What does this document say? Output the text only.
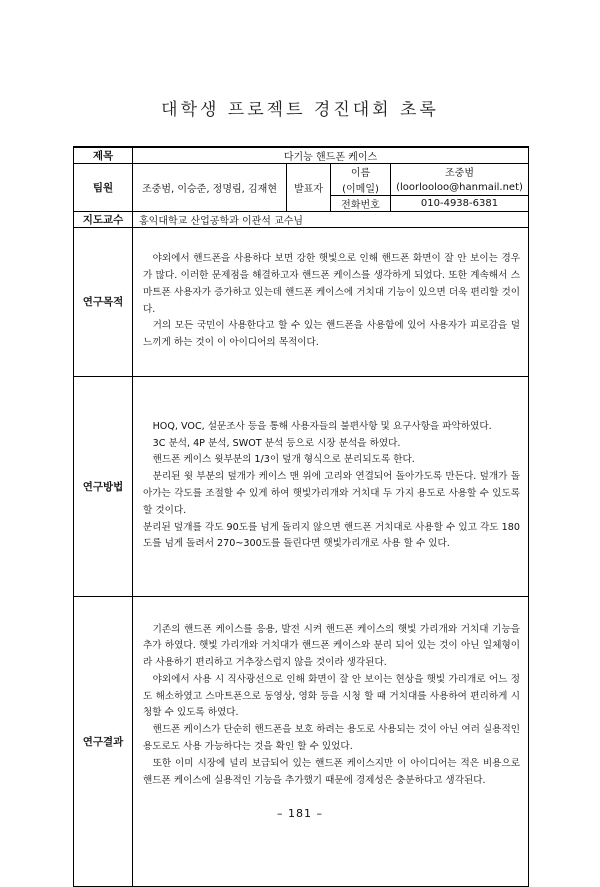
대학생 프로젝트 경진대회 초록
제목	다기능 핸드폰 케이스			
팀원	조중범, 이승준, 정명림, 김재현	발표자	이름	조중범
			(이메일)	(loorlooloo@hanmail.net)
			전화번호	010-4938-6381
지도교수	홍익대학교 산업공학과 이관석 교수님			
연구목적	야외에서 핸드폰을 사용하다 보면 강한 햇빛으로 인해 핸드폰 화면이 잘 안 보이는 경우가 많다. 이러한 문제점을 해결하고자 핸드폰 케이스를 생각하게 되었다. 또한 계속해서 스마트폰 사용자가 증가하고 있는데 핸드폰 케이스에 거치대 기능이 있으면 더욱 편리할 것이다.

거의 모든 국민이 사용한다고 할 수 있는 핸드폰을 사용함에 있어 사용자가 피로감을 덜 느끼게 하는 것이 이 아이디어의 목적이다.			

연구방법	HOQ, VOC, 설문조사 등을 통해 사용자들의 불편사항 및 요구사항을 파악하였다.

3C 분석, 4P 분석, SWOT 분석 등으로 시장 분석을 하였다.

핸드폰 케이스 윗부분의 1/3이 덮개 형식으로 분리되도록 한다.

분리된 윗 부분의 덮개가 케이스 맨 위에 고리와 연결되어 돌아가도록 만든다. 덮개가 돌아가는 각도를 조절할 수 있게 하여 햇빛가리개와 거치대 두 가지 용도로 사용할 수 있도록 할 것이다.

분리된 덮개를 각도 90도를 넘게 돌리지 않으면 핸드폰 거치대로 사용할 수 있고 각도 180도를 넘게 돌려서 270~300도를 돌린다면 햇빛가리개로 사용 할 수 있다.			

연구결과	기존의 핸드폰 케이스를 응용, 발전 시켜 핸드폰 케이스의 햇빛 가리개와 거치대 기능을 추가 하였다. 햇빛 가리개와 거치대가 핸드폰 케이스와 분리 되어 있는 것이 아닌 일체형이라 사용하기 편리하고 거추장스럽지 않을 것이라 생각된다.

야외에서 사용 시 직사광선으로 인해 화면이 잘 안 보이는 현상을 햇빛 가리개로 어느 정도 해소하였고 스마트폰으로 동영상, 영화 등을 시청 할 때 거치대를 사용하여 편리하게 시청할 수 있도록 하였다.

핸드폰 케이스가 단순히 핸드폰을 보호 하려는 용도로 사용되는 것이 아닌 여러 실용적인 용도로도 사용 가능하다는 것을 확인 할 수 있었다.

또한 이미 시장에 널리 보급되어 있는 핸드폰 케이스지만 이 아이디어는 적은 비용으로 핸드폰 케이스에 실용적인 기능을 추가했기 때문에 경제성은 충분하다고 생각된다.			

– 181 –
